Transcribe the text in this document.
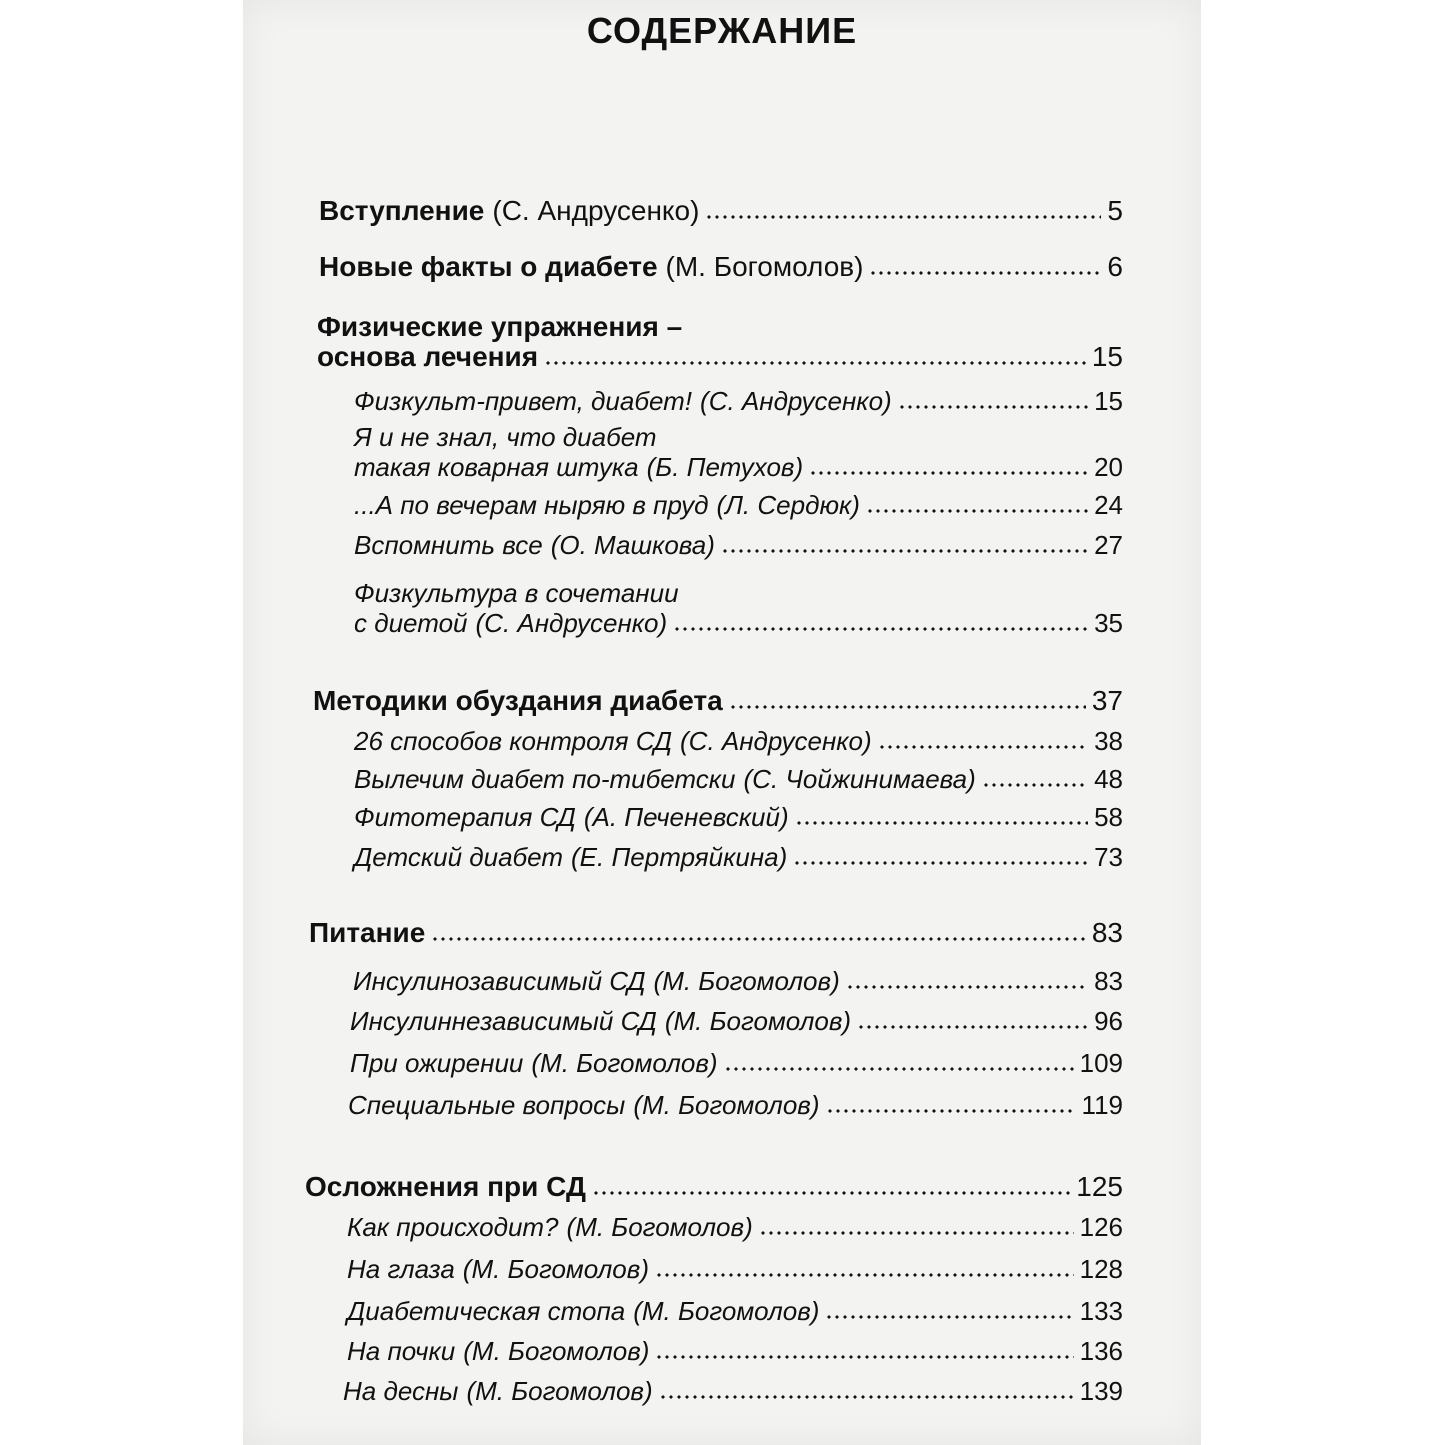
СОДЕРЖАНИЕ
Вступление (С. Андрусенко)	5
Новые факты о диабете (М. Богомолов)	6
Физические упражнения –
основа лечения	15
Физкульт-привет, диабет! (С. Андрусенко)	15
Я и не знал, что диабет
такая коварная штука (Б. Петухов)	20
...А по вечерам ныряю в пруд (Л. Сердюк)	24
Вспомнить все (О. Машкова)	27
Физкультура в сочетании
с диетой (С. Андрусенко)	35
Методики обуздания диабета	37
26 способов контроля СД (С. Андрусенко)	38
Вылечим диабет по-тибетски (С. Чойжинимаева)	48
Фитотерапия СД (А. Печеневский)	58
Детский диабет (Е. Пертряйкина)	73
Питание	83
Инсулинозависимый СД (М. Богомолов)	83
Инсулиннезависимый СД (М. Богомолов)	96
При ожирении (М. Богомолов)	109
Специальные вопросы (М. Богомолов)	119
Осложнения при СД	125
Как происходит? (М. Богомолов)	126
На глаза (М. Богомолов)	128
Диабетическая стопа (М. Богомолов)	133
На почки (М. Богомолов)	136
На десны (М. Богомолов)	139
